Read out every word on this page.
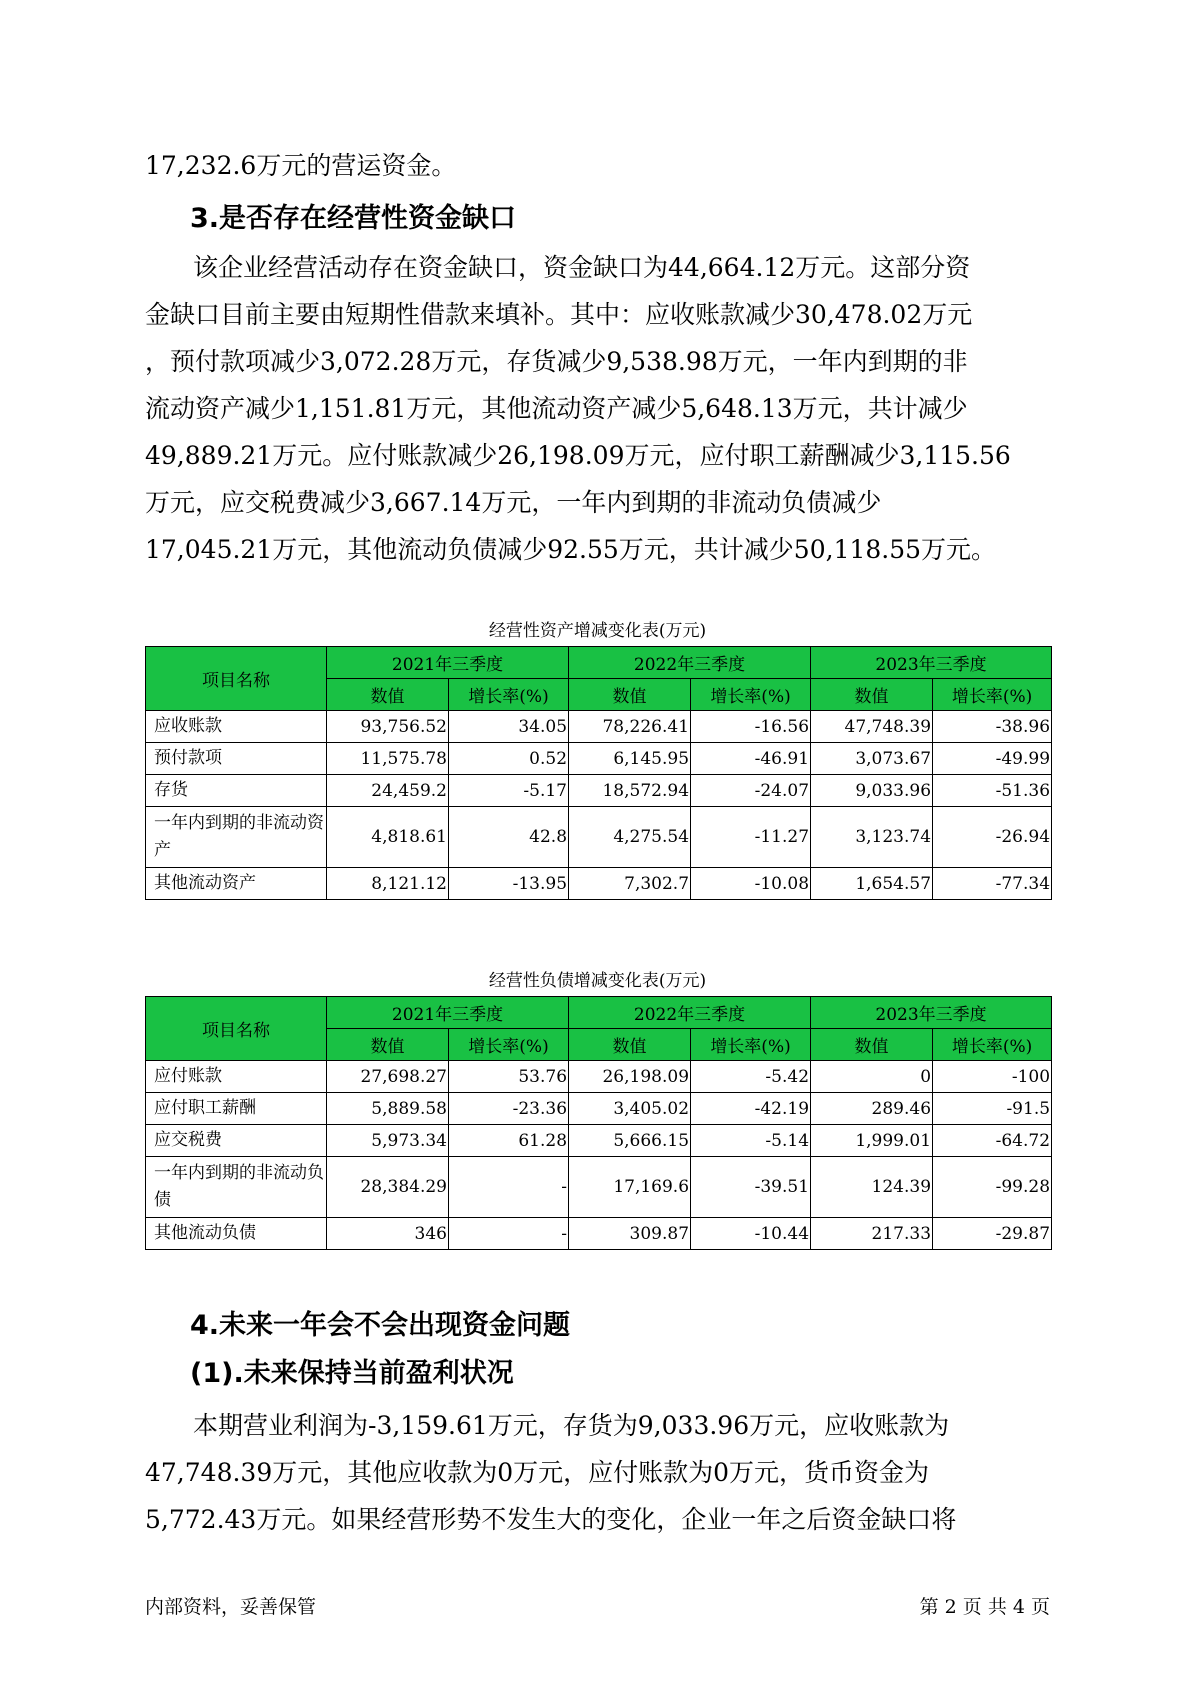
17,232.6万元的营运资金。

3.是否存在经营性资金缺口

该企业经营活动存在资金缺口，资金缺口为44,664.12万元。这部分资
金缺口目前主要由短期性借款来填补。其中：应收账款减少30,478.02万元
，预付款项减少3,072.28万元，存货减少9,538.98万元，一年内到期的非
流动资产减少1,151.81万元，其他流动资产减少5,648.13万元，共计减少
49,889.21万元。应付账款减少26,198.09万元，应付职工薪酬减少3,115.56
万元，应交税费减少3,667.14万元，一年内到期的非流动负债减少
17,045.21万元，其他流动负债减少92.55万元，共计减少50,118.55万元。

经营性资产增减变化表(万元)

项目名称	2021年三季度		2022年三季度		2023年三季度	
	数值	增长率(%)	数值	增长率(%)	数值	增长率(%)
应收账款	93,756.52	34.05	78,226.41	-16.56	47,748.39	-38.96
预付款项	11,575.78	0.52	6,145.95	-46.91	3,073.67	-49.99
存货	24,459.2	-5.17	18,572.94	-24.07	9,033.96	-51.36
一年内到期的非流动资产	4,818.61	42.8	4,275.54	-11.27	3,123.74	-26.94
其他流动资产	8,121.12	-13.95	7,302.7	-10.08	1,654.57	-77.34

经营性负债增减变化表(万元)

项目名称	2021年三季度		2022年三季度		2023年三季度	
	数值	增长率(%)	数值	增长率(%)	数值	增长率(%)
应付账款	27,698.27	53.76	26,198.09	-5.42	0	-100
应付职工薪酬	5,889.58	-23.36	3,405.02	-42.19	289.46	-91.5
应交税费	5,973.34	61.28	5,666.15	-5.14	1,999.01	-64.72
一年内到期的非流动负债	28,384.29	-	17,169.6	-39.51	124.39	-99.28
其他流动负债	346	-	309.87	-10.44	217.33	-29.87
4.未来一年会不会出现资金问题
(1).未来保持当前盈利状况

本期营业利润为-3,159.61万元，存货为9,033.96万元，应收账款为
47,748.39万元，其他应收款为0万元，应付账款为0万元，货币资金为
5,772.43万元。如果经营形势不发生大的变化，企业一年之后资金缺口将

内部资料，妥善保管	第 2 页 共 4 页
